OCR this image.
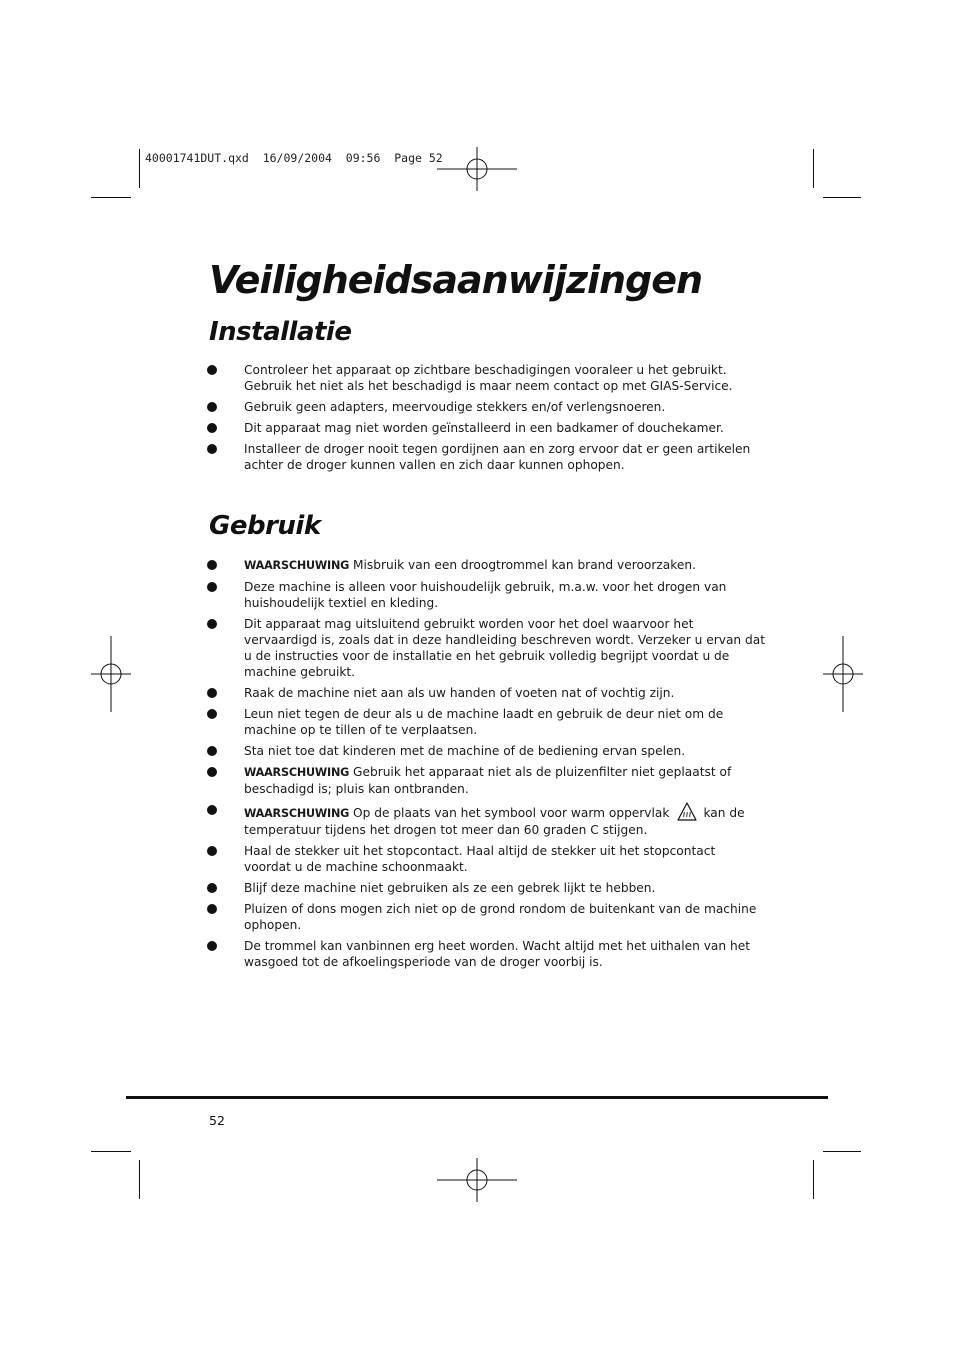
40001741DUT.qxd  16/09/2004  09:56  Page 52
Veiligheidsaanwijzingen
Installatie
Controleer het apparaat op zichtbare beschadigingen vooraleer u het gebruikt. Gebruik het niet als het beschadigd is maar neem contact op met GIAS-Service.
Gebruik geen adapters, meervoudige stekkers en/of verlengsnoeren.
Dit apparaat mag niet worden geïnstalleerd in een badkamer of douchekamer.
Installeer de droger nooit tegen gordijnen aan en zorg ervoor dat er geen artikelen achter de droger kunnen vallen en zich daar kunnen ophopen.
Gebruik
WAARSCHUWING Misbruik van een droogtrommel kan brand veroorzaken.
Deze machine is alleen voor huishoudelijk gebruik, m.a.w. voor het drogen van huishoudelijk textiel en kleding.
Dit apparaat mag uitsluitend gebruikt worden voor het doel waarvoor het vervaardigd is, zoals dat in deze handleiding beschreven wordt. Verzeker u ervan dat u de instructies voor de installatie en het gebruik volledig begrijpt voordat u de machine gebruikt.
Raak de machine niet aan als uw handen of voeten nat of vochtig zijn.
Leun niet tegen de deur als u de machine laadt en gebruik de deur niet om de machine op te tillen of te verplaatsen.
Sta niet toe dat kinderen met de machine of de bediening ervan spelen.
WAARSCHUWING Gebruik het apparaat niet als de pluizenfilter niet geplaatst of beschadigd is; pluis kan ontbranden.
WAARSCHUWING Op de plaats van het symbool voor warm oppervlak	kan de temperatuur tijdens het drogen tot meer dan 60 graden C stijgen.
Haal de stekker uit het stopcontact. Haal altijd de stekker uit het stopcontact voordat u de machine schoonmaakt.
Blijf deze machine niet gebruiken als ze een gebrek lijkt te hebben.
Pluizen of dons mogen zich niet op de grond rondom de buitenkant van de machine ophopen.
De trommel kan vanbinnen erg heet worden. Wacht altijd met het uithalen van het wasgoed tot de afkoelingsperiode van de droger voorbij is.
52
